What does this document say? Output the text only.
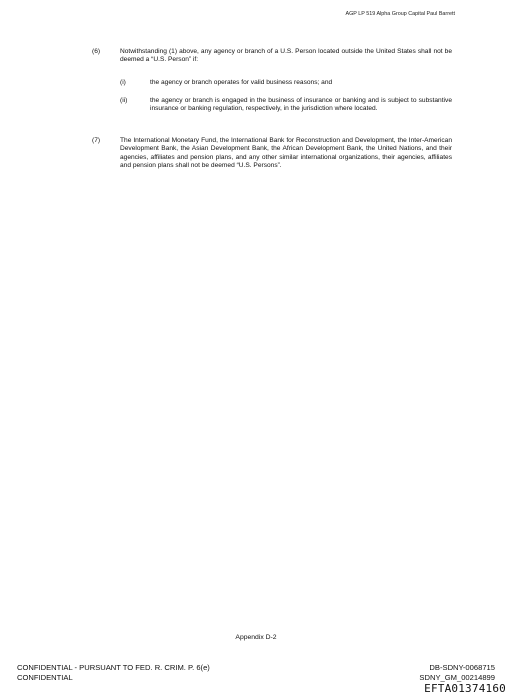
AGP LP 519 Alpha Group Capital Paul Barrett
(6)	Notwithstanding (1) above, any agency or branch of a U.S. Person located outside the United States shall not be deemed a “U.S. Person” if:
(i)	the agency or branch operates for valid business reasons; and
(ii)	the agency or branch is engaged in the business of insurance or banking and is subject to substantive insurance or banking regulation, respectively, in the jurisdiction where located.
(7)	The International Monetary Fund, the International Bank for Reconstruction and Development, the Inter-American Development Bank, the Asian Development Bank, the African Development Bank, the United Nations, and their agencies, affiliates and pension plans, and any other similar international organizations, their agencies, affiliates and pension plans shall not be deemed “U.S. Persons”.
Appendix D-2
CONFIDENTIAL - PURSUANT TO FED. R. CRIM. P. 6(e)
CONFIDENTIAL
DB-SDNY-0068715
SDNY_GM_00214899
EFTA01374160
